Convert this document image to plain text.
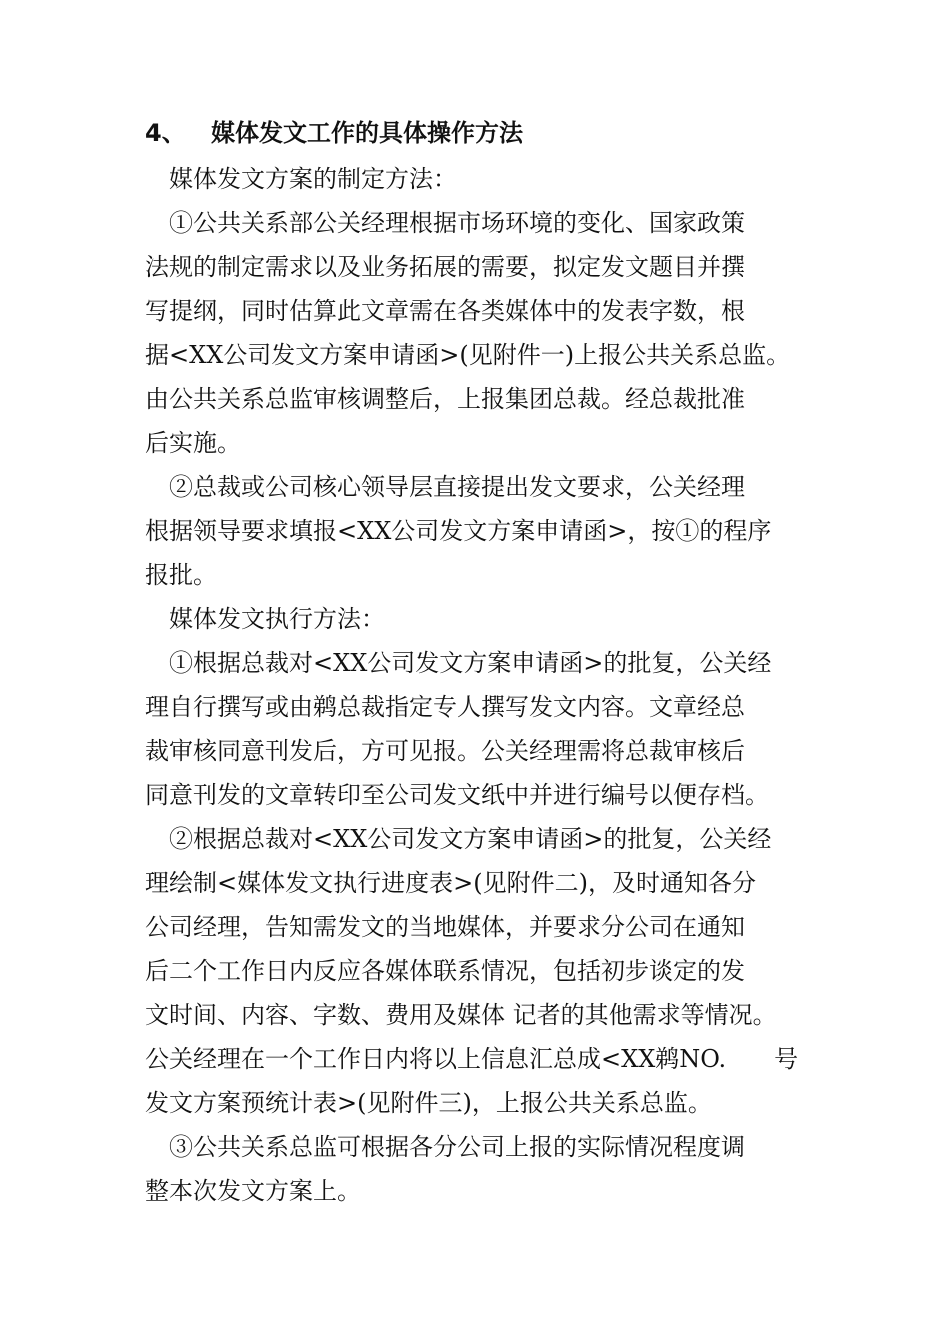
4、 媒体发文工作的具体操作方法
　媒体发文方案的制定方法：
　①公共关系部公关经理根据市场环境的变化、国家政策
法规的制定需求以及业务拓展的需要，拟定发文题目并撰
写提纲，同时估算此文章需在各类媒体中的发表字数，根
据<XX公司发文方案申请函>(见附件一)上报公共关系总监。
由公共关系总监审核调整后，上报集团总裁。经总裁批准
后实施。
　②总裁或公司核心领导层直接提出发文要求，公关经理
根据领导要求填报<XX公司发文方案申请函>，按①的程序
报批。
　媒体发文执行方法：
　①根据总裁对<XX公司发文方案申请函>的批复，公关经
理自行撰写或由鹈总裁指定专人撰写发文内容。文章经总
裁审核同意刊发后，方可见报。公关经理需将总裁审核后
同意刊发的文章转印至公司发文纸中并进行编号以便存档。
　②根据总裁对<XX公司发文方案申请函>的批复，公关经
理绘制<媒体发文执行进度表>(见附件二)，及时通知各分
公司经理，告知需发文的当地媒体，并要求分公司在通知
后二个工作日内反应各媒体联系情况，包括初步谈定的发
文时间、内容、字数、费用及媒体 记者的其他需求等情况。
公关经理在一个工作日内将以上信息汇总成<XX鹈NO.　　号
发文方案预统计表>(见附件三)，上报公共关系总监。
　③公共关系总监可根据各分公司上报的实际情况程度调
整本次发文方案上。
